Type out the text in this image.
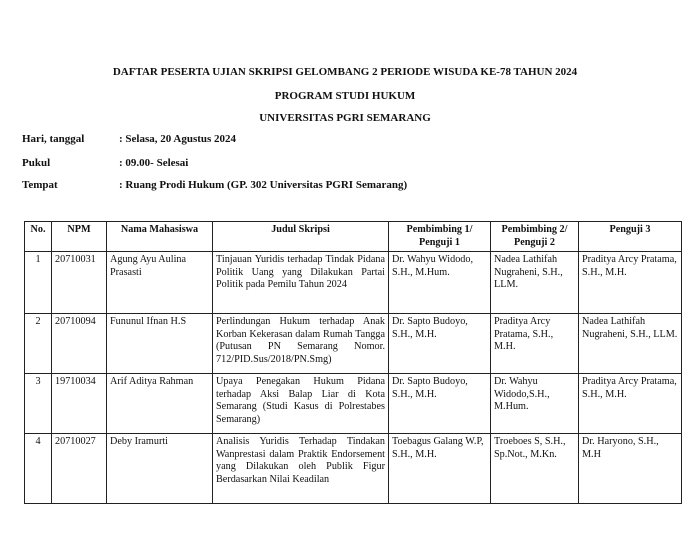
DAFTAR PESERTA UJIAN SKRIPSI GELOMBANG 2 PERIODE WISUDA KE-78 TAHUN 2024
PROGRAM STUDI HUKUM
UNIVERSITAS PGRI SEMARANG
Hari, tanggal	: Selasa, 20 Agustus 2024
Pukul	: 09.00- Selesai
Tempat	: Ruang Prodi Hukum (GP. 302 Universitas PGRI Semarang)
No.	NPM	Nama Mahasiswa	Judul Skripsi	Pembimbing 1/ Penguji 1	Pembimbing 2/ Penguji 2	Penguji 3
1	20710031	Agung Ayu Aulina Prasasti	Tinjauan Yuridis terhadap Tindak Pidana Politik Uang yang Dilakukan Partai Politik pada Pemilu Tahun 2024	Dr. Wahyu Widodo, S.H., M.Hum.	Nadea Lathifah Nugraheni, S.H., LLM.	Praditya Arcy Pratama, S.H., M.H.
2	20710094	Fununul Ifnan H.S	Perlindungan Hukum terhadap Anak Korban Kekerasan dalam Rumah Tangga (Putusan PN Semarang Nomor. 712/PID.Sus/2018/PN.Smg)	Dr. Sapto Budoyo, S.H., M.H.	Praditya Arcy Pratama, S.H., M.H.	Nadea Lathifah Nugraheni, S.H., LLM.
3	19710034	Arif Aditya Rahman	Upaya Penegakan Hukum Pidana terhadap Aksi Balap Liar di Kota Semarang (Studi Kasus di Polrestabes Semarang)	Dr. Sapto Budoyo, S.H., M.H.	Dr. Wahyu Widodo,S.H., M.Hum.	Praditya Arcy Pratama, S.H., M.H.
4	20710027	Deby Iramurti	Analisis Yuridis Terhadap Tindakan Wanprestasi dalam Praktik Endorsement yang Dilakukan oleh Publik Figur Berdasarkan Nilai Keadilan	Toebagus Galang W.P, S.H., M.H.	Troeboes S, S.H., Sp.Not., M.Kn.	Dr. Haryono, S.H., M.H
